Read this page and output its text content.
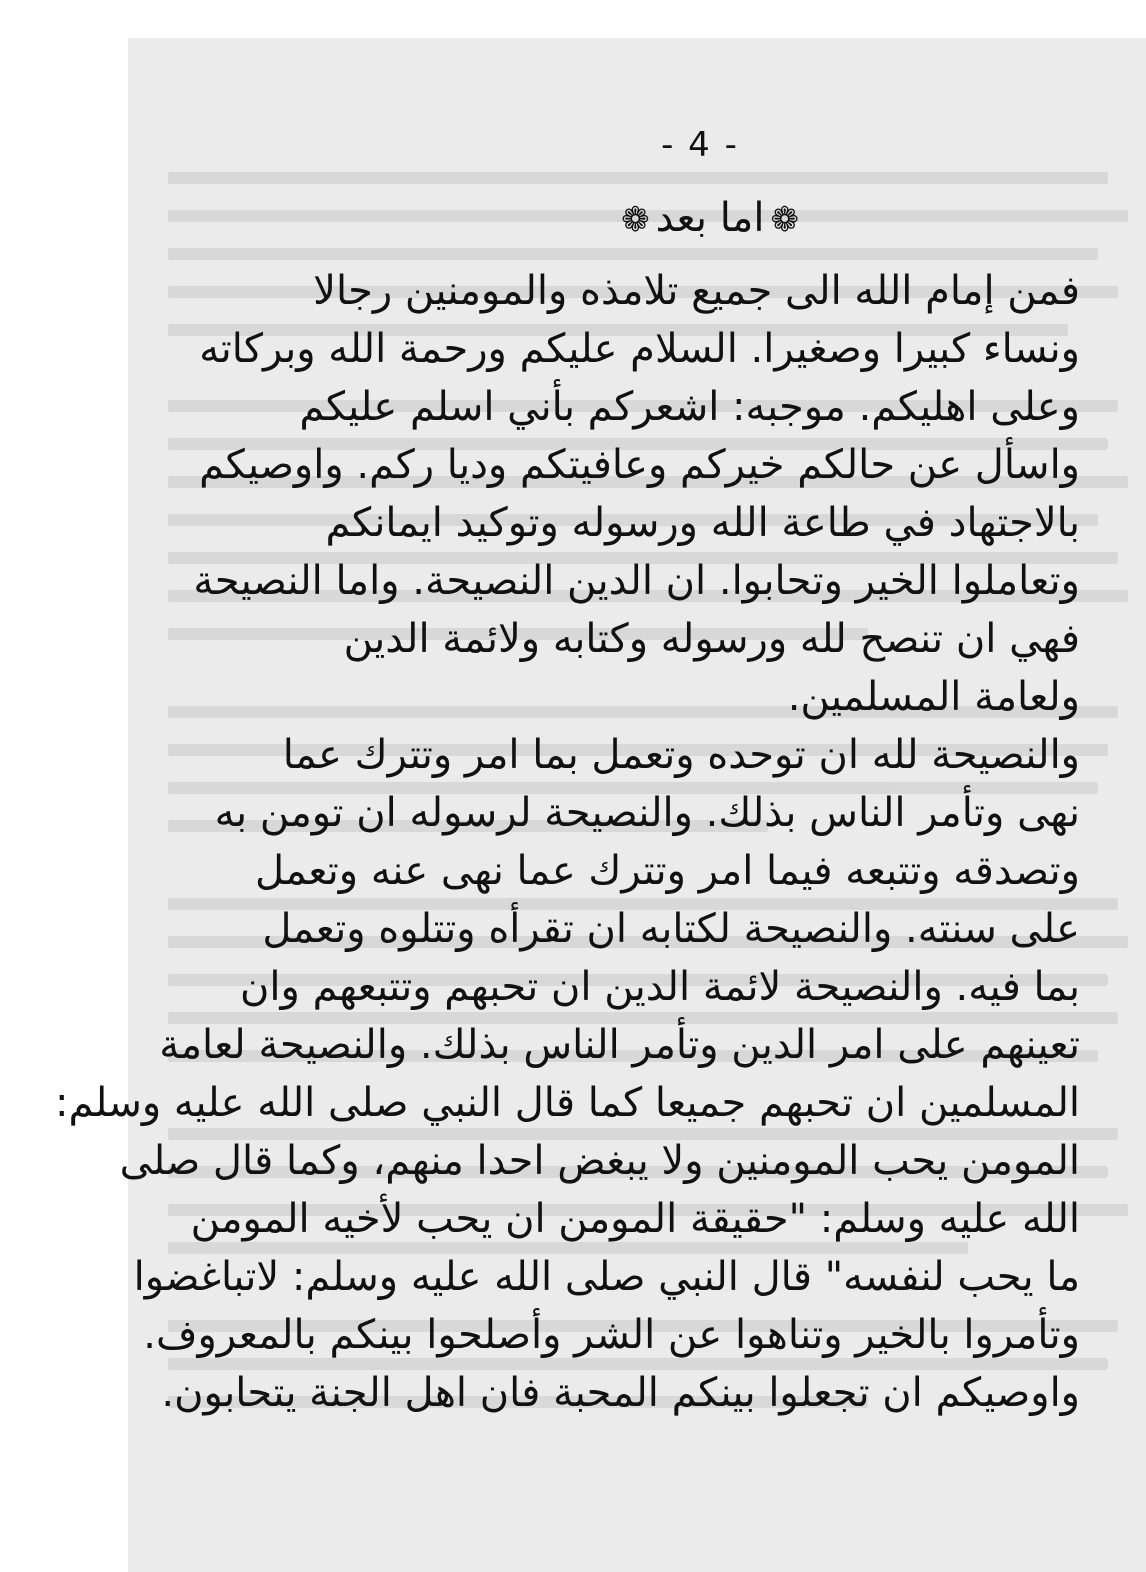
- 4 -
❁اما بعد❁
فمن إمام الله الى جميع تلامذه والمومنين رجالا
ونساء كبيرا وصغيرا. السلام عليكم ورحمة الله وبركاته
وعلى اهليكم. موجبه: اشعركم بأني اسلم عليكم
واسأل عن حالكم خيركم وعافيتكم وديا ركم. واوصيكم
بالاجتهاد في طاعة الله ورسوله وتوكيد ايمانكم
وتعاملوا الخير وتحابوا. ان الدين النصيحة. واما النصيحة
فهي ان تنصح لله ورسوله وكتابه ولائمة الدين
ولعامة المسلمين.
والنصيحة لله ان توحده وتعمل بما امر وتترك عما
نهى وتأمر الناس بذلك. والنصيحة لرسوله ان تومن به
وتصدقه وتتبعه فيما امر وتترك عما نهى عنه وتعمل
على سنته. والنصيحة لكتابه ان تقرأه وتتلوه وتعمل
بما فيه. والنصيحة لائمة الدين ان تحبهم وتتبعهم وان
تعينهم على امر الدين وتأمر الناس بذلك. والنصيحة لعامة
المسلمين ان تحبهم جميعا كما قال النبي صلى الله عليه وسلم:
المومن يحب المومنين ولا يبغض احدا منهم، وكما قال صلى
الله عليه وسلم: "حقيقة المومن ان يحب لأخيه المومن
ما يحب لنفسه" قال النبي صلى الله عليه وسلم: لاتباغضوا
وتأمروا بالخير وتناهوا عن الشر وأصلحوا بينكم بالمعروف.
واوصيكم ان تجعلوا بينكم المحبة فان اهل الجنة يتحابون.
